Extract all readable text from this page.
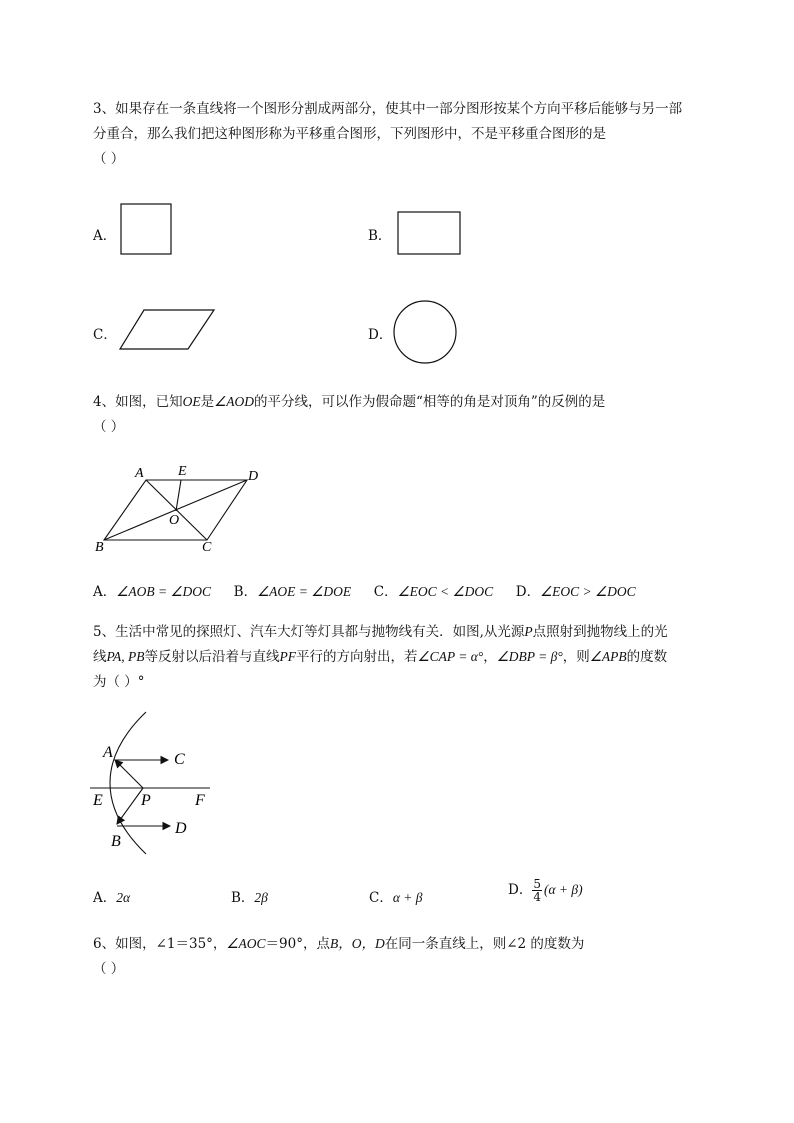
3、如果存在一条直线将一个图形分割成两部分，使其中一部分图形按某个方向平移后能够与另一部
分重合，那么我们把这种图形称为平移重合图形，下列图形中，不是平移重合图形的是
（ ）
A．	B．
C．	D．
4、如图，已知OE是∠AOD的平分线，可以作为假命题“相等的角是对顶角”的反例的是
（ ）
A E	D
O
B	C
A．∠AOB = ∠DOC B．∠AOE = ∠DOE C．∠EOC < ∠DOC D．∠EOC > ∠DOC
5、生活中常见的探照灯、汽车大灯等灯具都与抛物线有关．如图,从光源P点照射到抛物线上的光
线PA, PB等反射以后沿着与直线PF平行的方向射出，若∠CAP = α°，∠DBP = β°，则∠APB的度数
为（ ）°
A	C
E P	F
B
D
A．2α	B．2β	C．α + β	D． $\frac{5}{4} (\alpha + \beta)$
6、如图，∠1＝35°，∠AOC＝90°，点B，O，D在同一条直线上，则∠2 的度数为
（ ）
